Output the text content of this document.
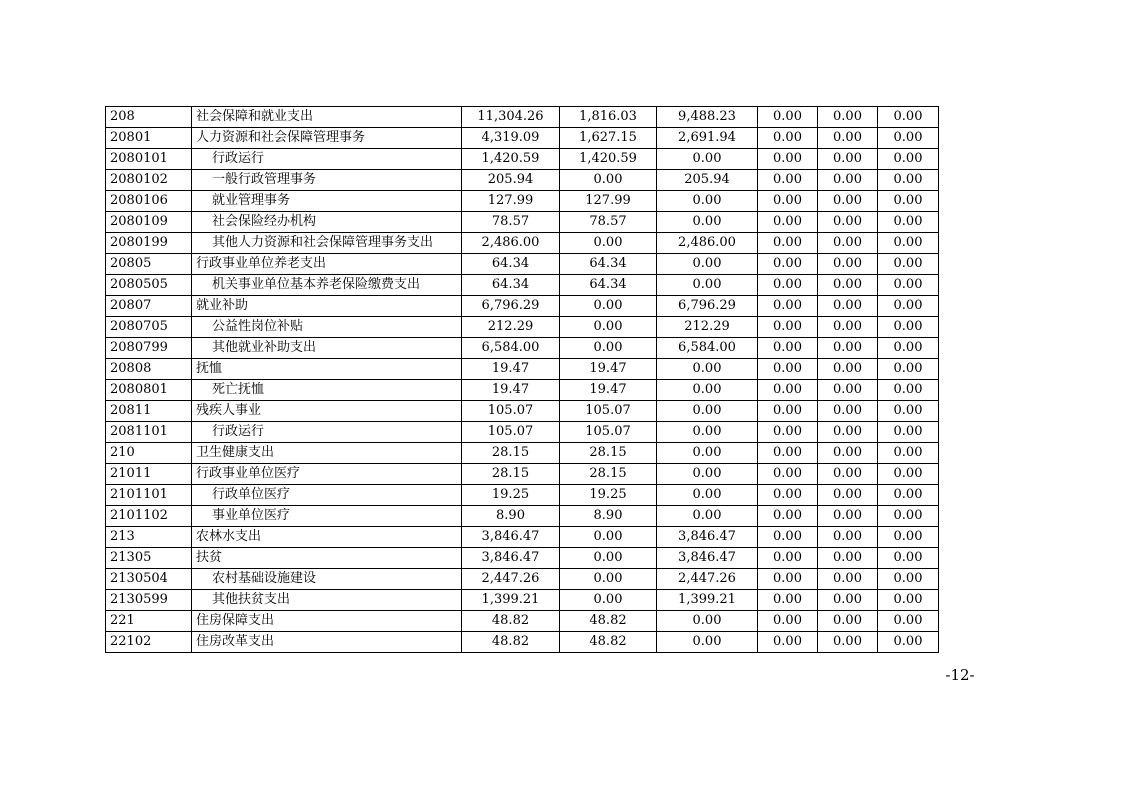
208	社会保障和就业支出	11,304.26	1,816.03	9,488.23	0.00	0.00	0.00
20801	人力资源和社会保障管理事务	4,319.09	1,627.15	2,691.94	0.00	0.00	0.00
2080101	行政运行	1,420.59	1,420.59	0.00	0.00	0.00	0.00
2080102	一般行政管理事务	205.94	0.00	205.94	0.00	0.00	0.00
2080106	就业管理事务	127.99	127.99	0.00	0.00	0.00	0.00
2080109	社会保险经办机构	78.57	78.57	0.00	0.00	0.00	0.00
2080199	其他人力资源和社会保障管理事务支出	2,486.00	0.00	2,486.00	0.00	0.00	0.00
20805	行政事业单位养老支出	64.34	64.34	0.00	0.00	0.00	0.00
2080505	机关事业单位基本养老保险缴费支出	64.34	64.34	0.00	0.00	0.00	0.00
20807	就业补助	6,796.29	0.00	6,796.29	0.00	0.00	0.00
2080705	公益性岗位补贴	212.29	0.00	212.29	0.00	0.00	0.00
2080799	其他就业补助支出	6,584.00	0.00	6,584.00	0.00	0.00	0.00
20808	抚恤	19.47	19.47	0.00	0.00	0.00	0.00
2080801	死亡抚恤	19.47	19.47	0.00	0.00	0.00	0.00
20811	残疾人事业	105.07	105.07	0.00	0.00	0.00	0.00
2081101	行政运行	105.07	105.07	0.00	0.00	0.00	0.00
210	卫生健康支出	28.15	28.15	0.00	0.00	0.00	0.00
21011	行政事业单位医疗	28.15	28.15	0.00	0.00	0.00	0.00
2101101	行政单位医疗	19.25	19.25	0.00	0.00	0.00	0.00
2101102	事业单位医疗	8.90	8.90	0.00	0.00	0.00	0.00
213	农林水支出	3,846.47	0.00	3,846.47	0.00	0.00	0.00
21305	扶贫	3,846.47	0.00	3,846.47	0.00	0.00	0.00
2130504	农村基础设施建设	2,447.26	0.00	2,447.26	0.00	0.00	0.00
2130599	其他扶贫支出	1,399.21	0.00	1,399.21	0.00	0.00	0.00
221	住房保障支出	48.82	48.82	0.00	0.00	0.00	0.00
22102	住房改革支出	48.82	48.82	0.00	0.00	0.00	0.00
-12-
